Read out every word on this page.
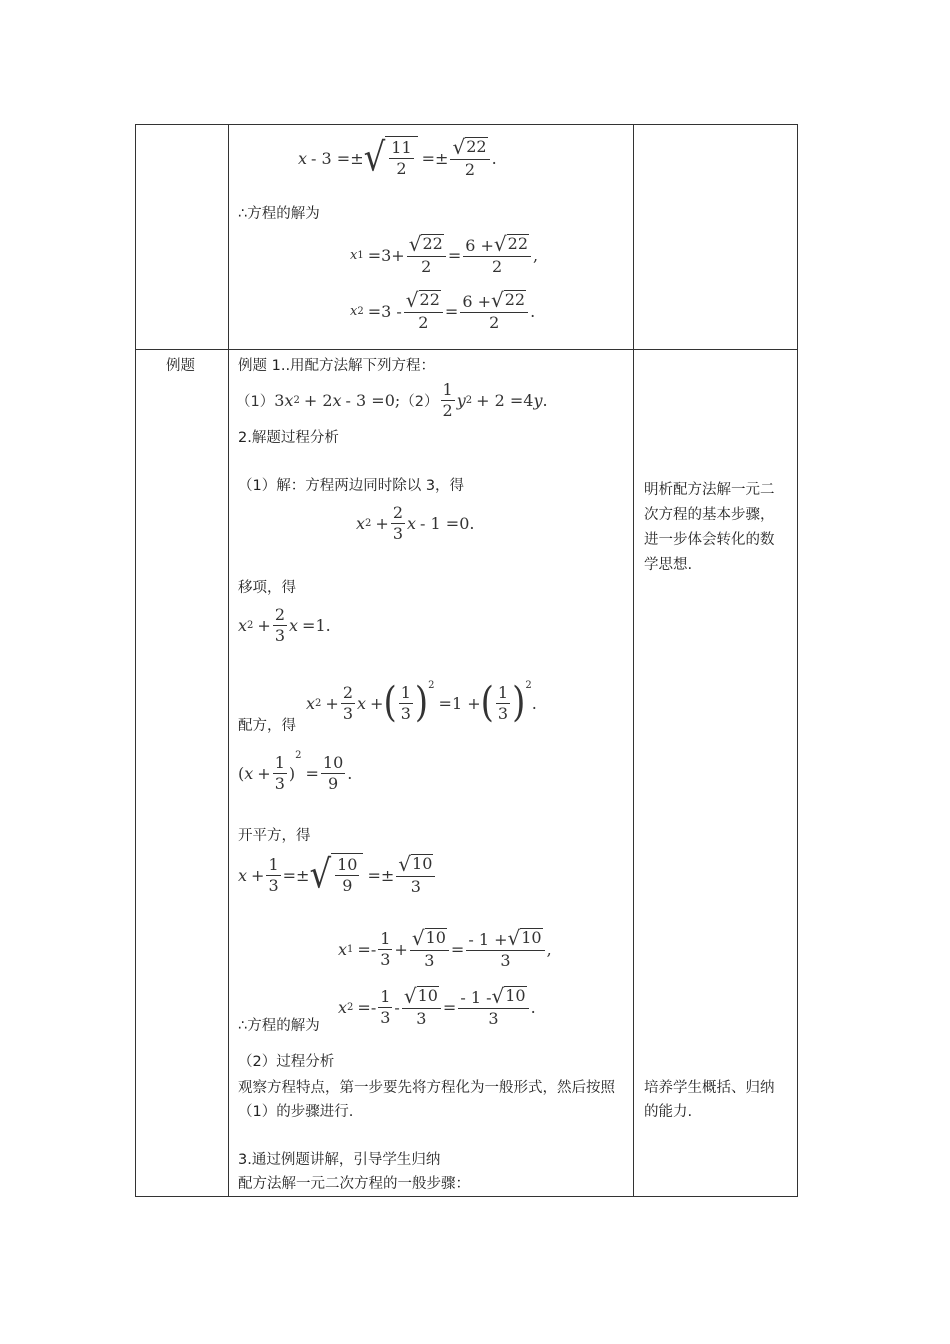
x - 3 =± √ $\frac{11}{2} =\pm \frac{√ 22}{2}$ .
∴方程的解为
x $1 =3+ \frac{√ 22}{2} = \frac{6 + √ 22}{2}$ ,
x $2 =3 - \frac{√ 22}{2} = \frac{6 + √ 22}{2}$ .
例题	例题 1..用配方法解下列方程：
（1） 3 x 2 + 2 x - 3 =0; $(2) \frac{1}{2}$ y 2 + 2 =4 y .
2.解题过程分析
（1）解：方程两边同时除以 3，得
x $2 + \frac{2}{3}$ x - 1 =0.
移项，得
x $2 + \frac{2}{3}$ x =1.
x $2 + \frac{2}{3}$ x + ( $\frac{1}{3} )^2$
=1 + ( $\frac{1}{3} )^2$
.
配方，得
( $x + \frac{1}{3}$ )
2
= $\frac{10}{9}$ .
开平方，得
$x + \frac{1}{3}$ =± √ $\frac{10}{9} =\pm \frac{√ 10}{3}$
x $1 =- \frac{1}{3} + \frac{√ 10}{3} = \frac{- 1 + √ 10}{3}$ ,
x $2 =- \frac{1}{3} - \frac{√ 10}{3} = \frac{- 1 - √ 10}{3}$ .
∴方程的解为
（2）过程分析
观察方程特点，第一步要先将方程化为一般形式，然后按照（1）的步骤进行.
3.通过例题讲解，引导学生归纳
配方法解一元二次方程的一般步骤：
明析配方法解一元二次方程的基本步骤，进一步体会转化的数学思想.
培养学生概括、归纳的能力.
